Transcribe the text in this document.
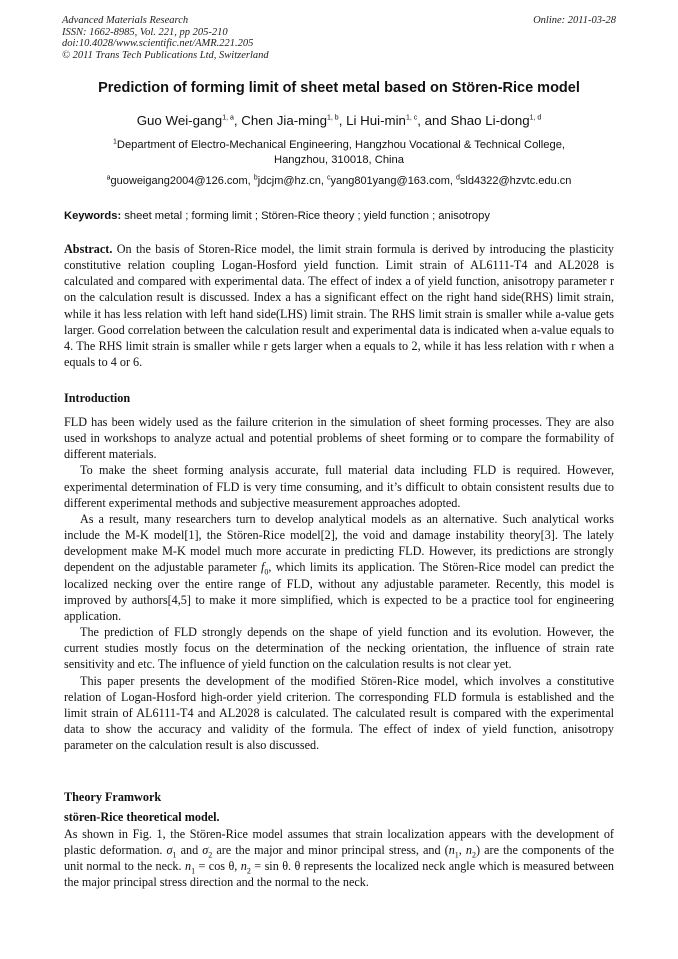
Advanced Materials Research
ISSN: 1662-8985, Vol. 221, pp 205-210
doi:10.4028/www.scientific.net/AMR.221.205
© 2011 Trans Tech Publications Ltd, Switzerland
Online: 2011-03-28
Prediction of forming limit of sheet metal based on Stören-Rice model
Guo Wei-gang$^{1, a}$, Chen Jia-ming$^{1, b}$, Li Hui-$\min^{1, c}$, and Shao Li-dong$^{1, d}$
$^1$Department of Electro-Mechanical Engineering, Hangzhou Vocational & Technical College,
Hangzhou, 310018, China
$^a$guoweigang2004@126.com, $^b$jdcjm@hz.cn, $^c$yang801yang@163.com, $^d$sld4322@hzvtc.edu.cn
Keywords: sheet metal ; forming limit ; Stören-Rice theory ; yield function ; anisotropy
Abstract. On the basis of Storen-Rice model, the limit strain formula is derived by introducing the plasticity constitutive relation coupling Logan-Hosford yield function. Limit strain of AL6111-T4 and AL2028 is calculated and compared with experimental data. The effect of index a of yield function, anisotropy parameter r on the calculation result is discussed. Index a has a significant effect on the right hand side(RHS) limit strain, while it has less relation with left hand side(LHS) limit strain. The RHS limit strain is smaller while a-value gets larger. Good correlation between the calculation result and experimental data is indicated when a-value equals to 4. The RHS limit strain is smaller while r gets larger when a equals to 2, while it has less relation with r when a equals to 4 or 6.
Introduction

FLD has been widely used as the failure criterion in the simulation of sheet forming processes. They are also used in workshops to analyze actual and potential problems of sheet forming or to compare the formability of different materials.

To make the sheet forming analysis accurate, full material data including FLD is required. However, experimental determination of FLD is very time consuming, and it’s difficult to obtain consistent results due to different experimental methods and subjective measurement approaches adopted.

As a result, many researchers turn to develop analytical models as an alternative. Such analytical works include the M-K model[1], the Stören-Rice model[2], the void and damage instability theory[3]. The lately development make M-K model much more accurate in predicting FLD. However, its predictions are strongly dependent on the adjustable parameter $f_0$, which limits its application. The Stören-Rice model can predict the localized necking over the entire range of FLD, without any adjustable parameter. Recently, this model is improved by authors[4,5] to make it more simplified, which is expected to be a practice tool for engineering application.

The prediction of FLD strongly depends on the shape of yield function and its evolution. However, the current studies mostly focus on the determination of the necking orientation, the influence of strain rate sensitivity and etc. The influence of yield function on the calculation results is not clear yet.

This paper presents the development of the modified Stören-Rice model, which involves a constitutive relation of Logan-Hosford high-order yield criterion. The corresponding FLD formula is established and the limit strain of AL6111-T4 and AL2028 is calculated. The calculated result is compared with the experimental data to show the accuracy and validity of the formula. The effect of index of yield function, anisotropy parameter on the calculation result is also discussed.

Theory Framwork
stören-Rice theoretical model.

As shown in Fig. 1, the Stören-Rice model assumes that strain localization appears with the development of plastic deformation. $\sigma_1$ and $\sigma_2$ are the major and minor principal stress, and ($n_1$, $n_2$) are the components of the unit normal to the neck. $n_1 = \cos \theta$, $n_2 = \sin \theta$. θ represents the localized neck angle which is measured between the major principal stress direction and the normal to the neck.
